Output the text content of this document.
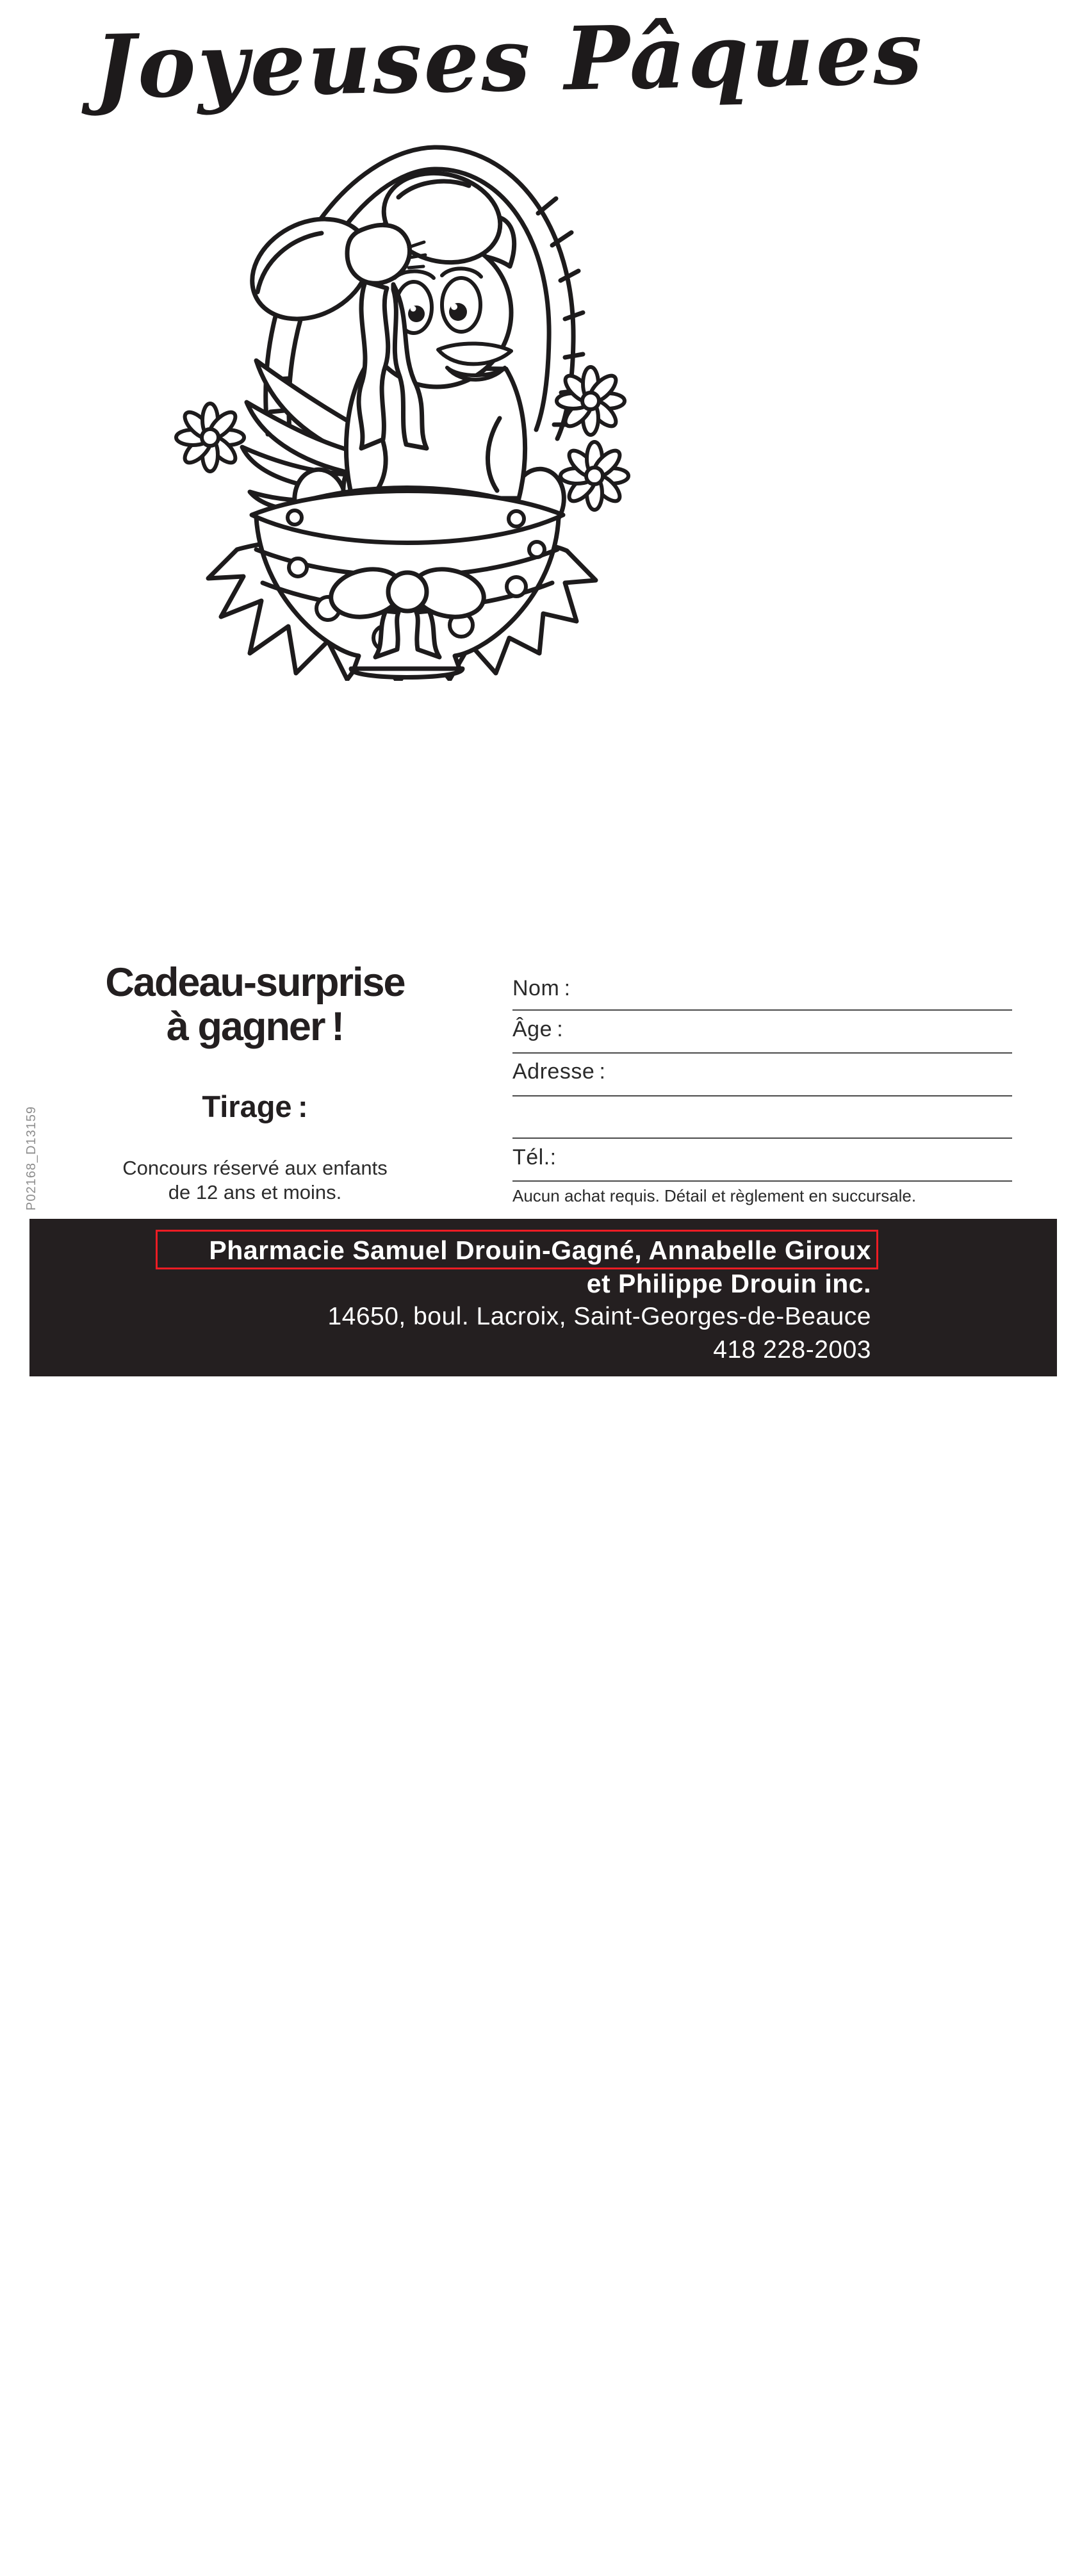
Joyeuses Pâques
Cadeau-surprise
à gagner !
Tirage :
Concours réservé aux enfants
de 12 ans et moins.
Nom :
Âge :
Adresse :
Tél.:
Aucun achat requis. Détail et règlement en succursale.
P02168_D13159
Pharmacie Samuel Drouin-Gagné, Annabelle Giroux
et Philippe Drouin inc.
14650, boul. Lacroix, Saint-Georges-de-Beauce
418 228-2003
U
